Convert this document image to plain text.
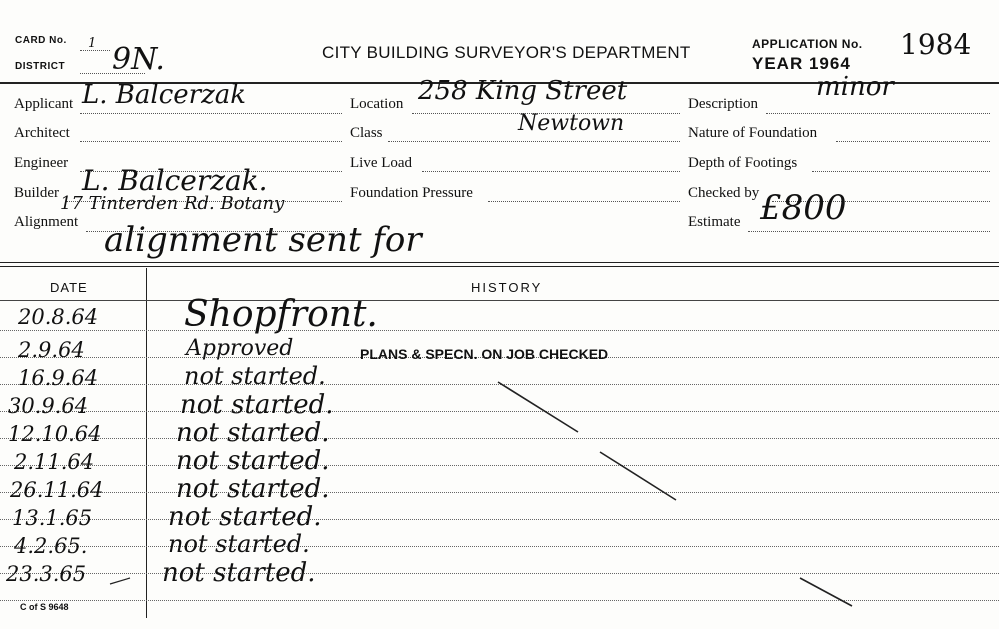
CARD No. 1
DISTRICT 9N.	CITY BUILDING SURVEYOR'S DEPARTMENT	APPLICATION No. 1984
YEAR 1964
Applicant L. Balcerzak
Architect
Engineer
Builder L. Balcerzak.
17 Tinterden Rd. Botany
Alignment alignment sent for
Location 258 King Street
Newtown
Class
Live Load
Foundation Pressure
Description
minor
Nature of Foundation
Depth of Footings
Checked by
Estimate £800
DATE	HISTORY
20.8.64 Shopfront.
2.9.64	Approved	PLANS & SPECN. ON JOB CHECKED
16.9.64	not started.
30.9.64	not started.
12.10.64	not started.
2.11.64	not started.
26.11.64	not started.
13.1.65	not started.
4.2.65.	not started.
23.3.65	not started.
C of S 9648
